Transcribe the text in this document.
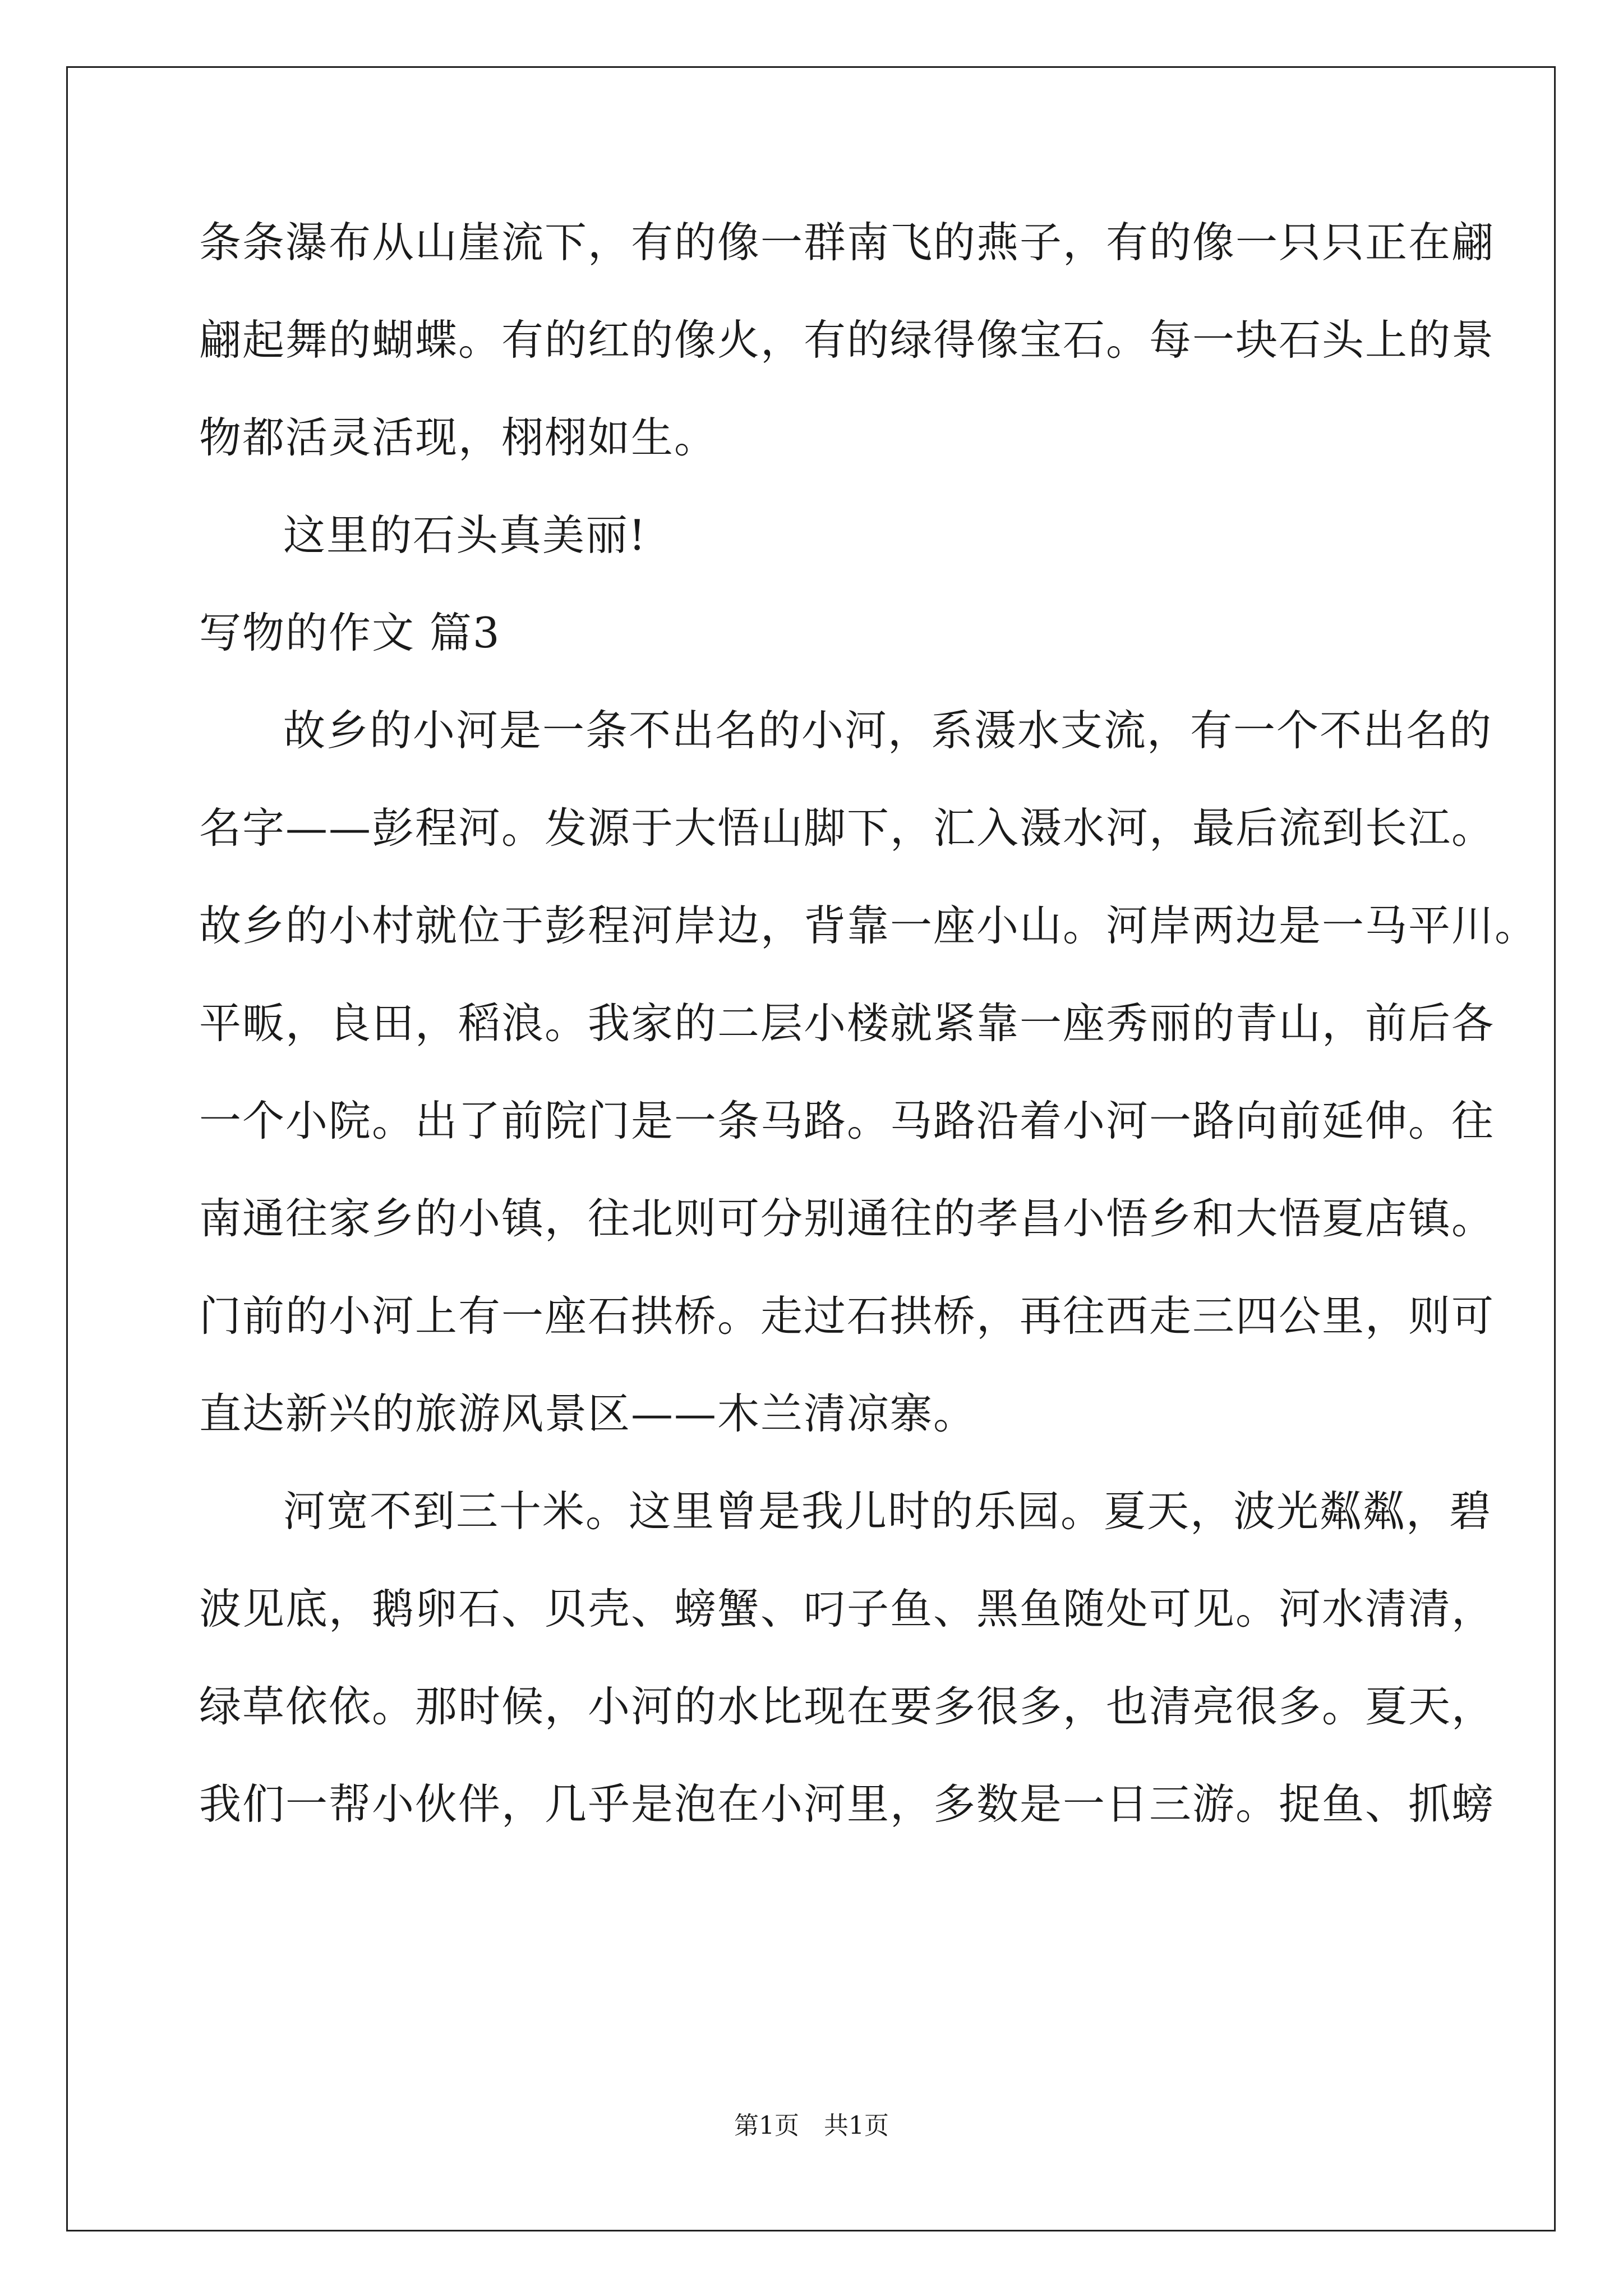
条条瀑布从山崖流下，有的像一群南飞的燕子，有的像一只只正在翩
翩起舞的蝴蝶。有的红的像火，有的绿得像宝石。每一块石头上的景
物都活灵活现，栩栩如生。
这里的石头真美丽!
写物的作文 篇3
故乡的小河是一条不出名的小河，系滠水支流，有一个不出名的
名字——彭程河。发源于大悟山脚下，汇入滠水河，最后流到长江。
故乡的小村就位于彭程河岸边，背靠一座小山。河岸两边是一马平川。
平畈，良田，稻浪。我家的二层小楼就紧靠一座秀丽的青山，前后各
一个小院。出了前院门是一条马路。马路沿着小河一路向前延伸。往
南通往家乡的小镇，往北则可分别通往的孝昌小悟乡和大悟夏店镇。
门前的小河上有一座石拱桥。走过石拱桥，再往西走三四公里，则可
直达新兴的旅游风景区——木兰清凉寨。
河宽不到三十米。这里曾是我儿时的乐园。夏天，波光粼粼，碧
波见底，鹅卵石、贝壳、螃蟹、叼子鱼、黑鱼随处可见。河水清清，
绿草依依。那时候，小河的水比现在要多很多，也清亮很多。夏天，
我们一帮小伙伴，几乎是泡在小河里，多数是一日三游。捉鱼、抓螃
第1页 共1页
